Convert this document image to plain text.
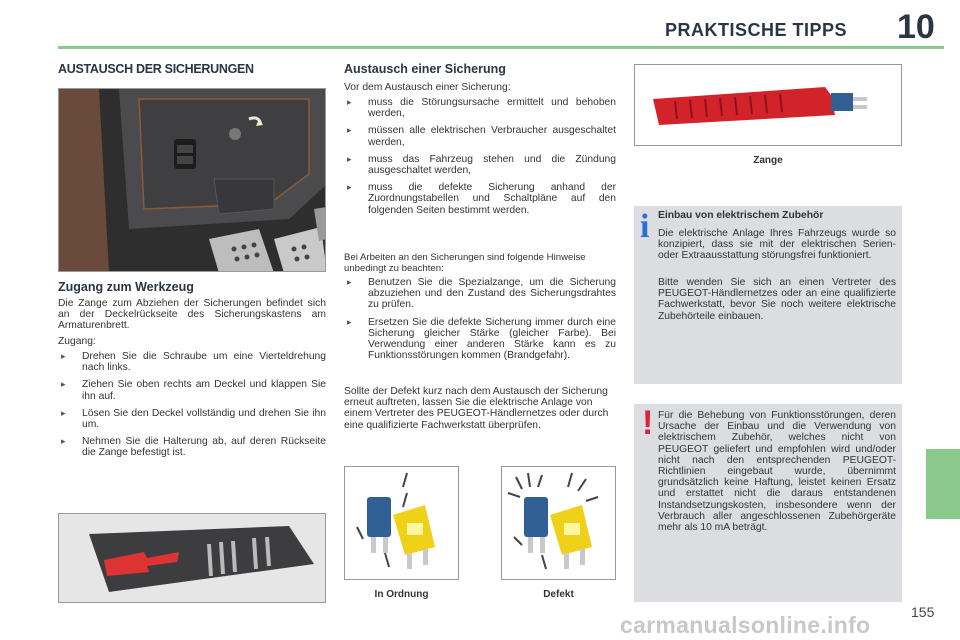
PRAKTISCHE TIPPS 10
AUSTAUSCH DER SICHERUNGEN
Zugang zum Werkzeug
Die Zange zum Abziehen der Sicherungen befindet sich an der Deckelrückseite des Sicherungskastens am Armaturenbrett.
Zugang:
▸ Drehen Sie die Schraube um eine Vierteldrehung nach links.
▸ Ziehen Sie oben rechts am Deckel und klappen Sie ihn auf.
▸ Lösen Sie den Deckel vollständig und drehen Sie ihn um.
▸ Nehmen Sie die Halterung ab, auf deren Rückseite die Zange befestigt ist.
Austausch einer Sicherung
Vor dem Austausch einer Sicherung:
▸ muss die Störungsursache ermittelt und behoben werden,
▸ müssen alle elektrischen Verbraucher ausgeschaltet werden,
▸ muss das Fahrzeug stehen und die Zündung ausgeschaltet werden,
▸ muss die defekte Sicherung anhand der Zuordnungstabellen und Schaltpläne auf den folgenden Seiten bestimmt werden.
Bei Arbeiten an den Sicherungen sind folgende Hinweise unbedingt zu beachten:
▸ Benutzen Sie die Spezialzange, um die Sicherung abzuziehen und den Zustand des Sicherungsdrahtes zu prüfen.
▸ Ersetzen Sie die defekte Sicherung immer durch eine Sicherung gleicher Stärke (gleicher Farbe). Bei Verwendung einer anderen Stärke kann es zu Funktionsstörungen kommen (Brandgefahr).
Sollte der Defekt kurz nach dem Austausch der Sicherung erneut auftreten, lassen Sie die elektrische Anlage von einem Vertreter des PEUGEOT-Händlernetzes oder durch eine qualifizierte Fachwerkstatt überprüfen.
In Ordnung	Defekt
Zange
i Einbau von elektrischem Zubehör
Die elektrische Anlage Ihres Fahrzeugs wurde so konzipiert, dass sie mit der elektrischen Serien- oder Extraausstattung störungsfrei funktioniert.
Bitte wenden Sie sich an einen Vertreter des PEUGEOT-Händlernetzes oder an eine qualifizierte Fachwerkstatt, bevor Sie noch weitere elektrische Zubehörteile einbauen.
! Für die Behebung von Funktionsstörungen, deren Ursache der Einbau und die Verwendung von elektrischem Zubehör, welches nicht von PEUGEOT geliefert und empfohlen wird und/oder nicht nach den entsprechenden PEUGEOT-Richtlinien eingebaut wurde, übernimmt grundsätzlich keine Haftung, leistet keinen Ersatz und erstattet nicht die daraus entstandenen Instandsetzungskosten, insbesondere wenn der Verbrauch aller angeschlossenen Zubehörgeräte mehr als 10 mA beträgt.
155
carmanualsonline.info
